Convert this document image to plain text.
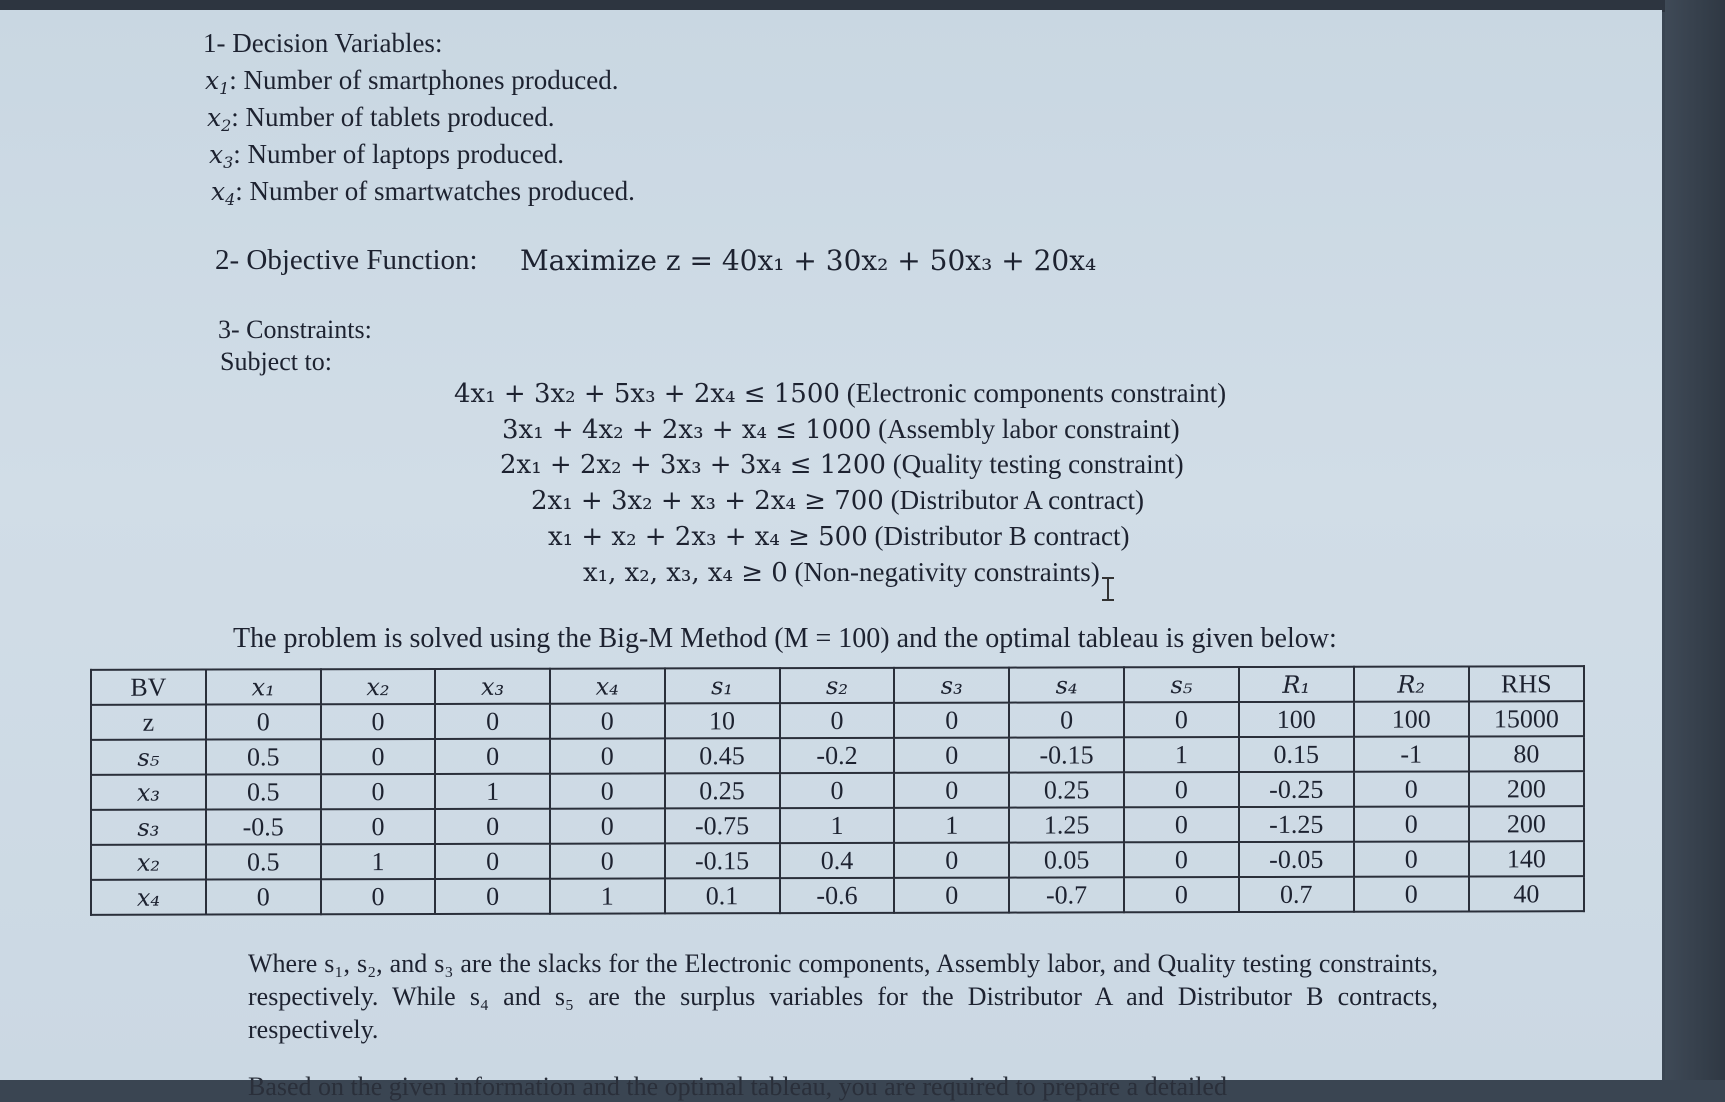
1- Decision Variables:
$x_1$ : Number of smartphones produced.
$x_2$ : Number of tablets produced.
$x_3$ : Number of laptops produced.
$x_4$ : Number of smartwatches produced.
2- Objective Function: Maximize z = 40x₁ + 30x₂ + 50x₃ + 20x₄
3- Constraints:
Subject to:
4x₁ + 3x₂ + 5x₃ + 2x₄ ≤ 1500 (Electronic components constraint)
3x₁ + 4x₂ + 2x₃ + x₄ ≤ 1000 (Assembly labor constraint)
2x₁ + 2x₂ + 3x₃ + 3x₄ ≤ 1200 (Quality testing constraint)
2x₁ + 3x₂ + x₃ + 2x₄ ≥ 700 (Distributor A contract)
x₁ + x₂ + 2x₃ + x₄ ≥ 500 (Distributor B contract)
x₁, x₂, x₃, x₄ ≥ 0 (Non-negativity constraints)
The problem is solved using the Big-M Method (M = 100) and the optimal tableau is given below:
BV	x₁	x₂	x₃	x₄	s₁	s₂	s₃	s₄	s₅	R₁	R₂	RHS
z	0	0	0	0	10	0	0	0	0	100	100	15000
s₅	0.5	0	0	0	0.45	-0.2	0	-0.15	1	0.15	-1	80
x₃	0.5	0	1	0	0.25	0	0	0.25	0	-0.25	0	200
s₃	-0.5	0	0	0	-0.75	1	1	1.25	0	-1.25	0	200
x₂	0.5	1	0	0	-0.15	0.4	0	0.05	0	-0.05	0	140
x₄	0	0	0	1	0.1	-0.6	0	-0.7	0	0.7	0	40
Where s₁, s₂, and s₃ are the slacks for the Electronic components, Assembly labor, and Quality testing constraints, respectively. While s₄ and s₅ are the surplus variables for the Distributor A and Distributor B contracts, respectively.
Based on the given information and the optimal tableau, you are required to prepare a detailed
